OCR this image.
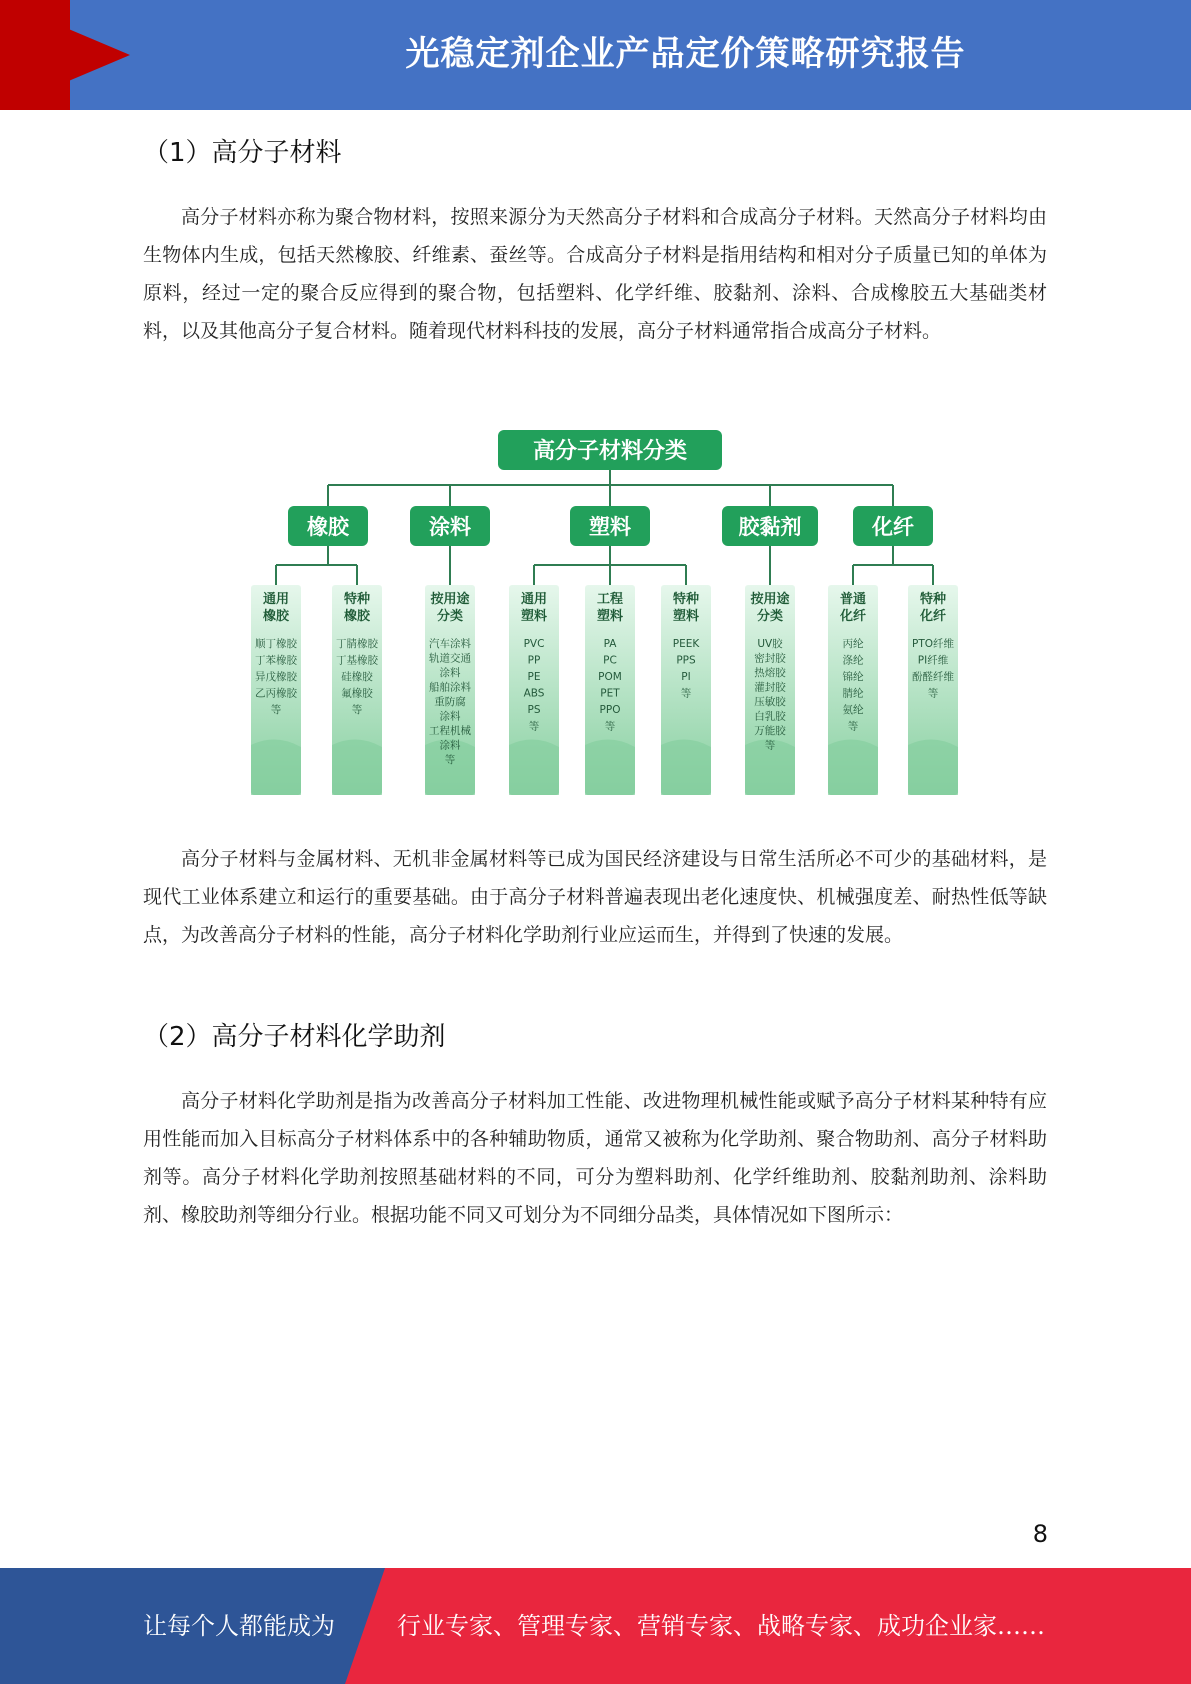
光稳定剂企业产品定价策略研究报告
（1）高分子材料
高分子材料亦称为聚合物材料，按照来源分为天然高分子材料和合成高分子材料。天然高分子材料均由生物体内生成，包括天然橡胶、纤维素、蚕丝等。合成高分子材料是指用结构和相对分子质量已知的单体为原料，经过一定的聚合反应得到的聚合物，包括塑料、化学纤维、胶黏剂、涂料、合成橡胶五大基础类材料，以及其他高分子复合材料。随着现代材料科技的发展，高分子材料通常指合成高分子材料。
高分子材料分类
橡胶
通用
橡胶
顺丁橡胶
丁苯橡胶
异戊橡胶
乙丙橡胶
等
特种
橡胶
丁腈橡胶
丁基橡胶
硅橡胶
氟橡胶
等
涂料
按用途
分类
汽车涂料
轨道交通
涂料
船舶涂料
重防腐
涂料
工程机械
涂料
等
塑料
通用
塑料
PVC
PP
PE
ABS
PS
等
工程
塑料
PA
PC
POM
PET
PPO
等
特种
塑料
PEEK
PPS
PI
等
胶黏剂
按用途
分类
UV胶
密封胶
热熔胶
灌封胶
压敏胶
白乳胶
万能胶
等
化纤
普通
化纤
丙纶
涤纶
锦纶
腈纶
氨纶
等
特种
化纤
PTO纤维
PI纤维
酚醛纤维
等
高分子材料与金属材料、无机非金属材料等已成为国民经济建设与日常生活所必不可少的基础材料，是现代工业体系建立和运行的重要基础。由于高分子材料普遍表现出老化速度快、机械强度差、耐热性低等缺点，为改善高分子材料的性能，高分子材料化学助剂行业应运而生，并得到了快速的发展。
（2）高分子材料化学助剂
高分子材料化学助剂是指为改善高分子材料加工性能、改进物理机械性能或赋予高分子材料某种特有应用性能而加入目标高分子材料体系中的各种辅助物质，通常又被称为化学助剂、聚合物助剂、高分子材料助剂等。高分子材料化学助剂按照基础材料的不同，可分为塑料助剂、化学纤维助剂、胶黏剂助剂、涂料助剂、橡胶助剂等细分行业。根据功能不同又可划分为不同细分品类，具体情况如下图所示：
8
让每个人都能成为	行业专家、管理专家、营销专家、战略专家、成功企业家……
